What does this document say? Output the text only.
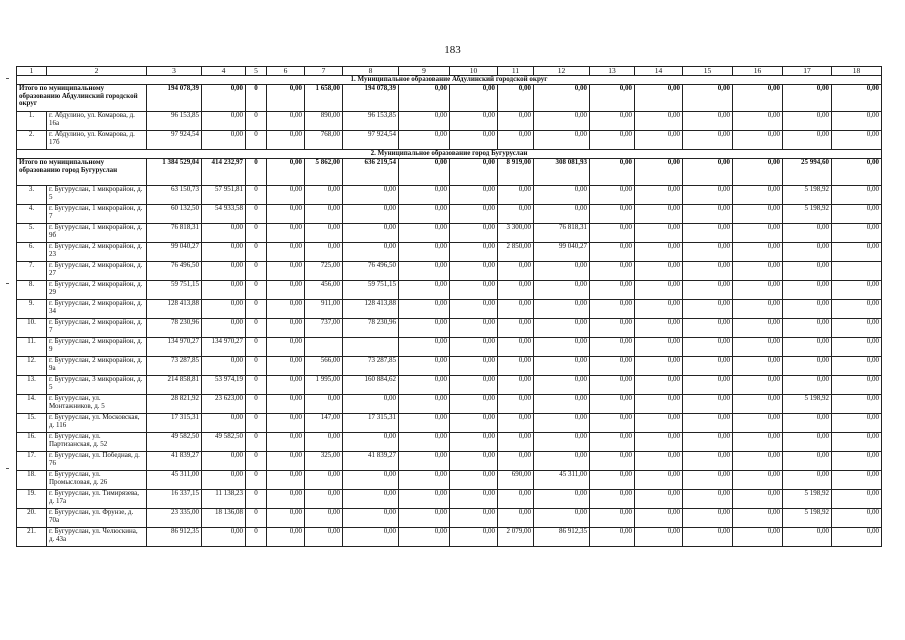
183
1	2	3	4	5	6	7	8	9	10	11	12	13	14	15	16	17	18
1. Муниципальное образование Абдулинский городской округ																	
Итого по муниципальному образованию Абдулинский городской округ		194 078,39	0,00	0	0,00	1 658,00	194 078,39	0,00	0,00	0,00	0,00	0,00	0,00	0,00	0,00	0,00	0,00
1.	г. Абдулино, ул. Комарова, д. 16а	96 153,85	0,00	0	0,00	890,00	96 153,85	0,00	0,00	0,00	0,00	0,00	0,00	0,00	0,00	0,00	0,00
2.	г. Абдулино, ул. Комарова, д. 17б	97 924,54	0,00	0	0,00	768,00	97 924,54	0,00	0,00	0,00	0,00	0,00	0,00	0,00	0,00	0,00	0,00
2. Муниципальное образование город Бугуруслан																	
Итого по муниципальному образованию город Бугуруслан		1 384 529,04	414 232,97	0	0,00	5 862,00	636 219,54	0,00	0,00	8 919,00	308 081,93	0,00	0,00	0,00	0,00	25 994,60	0,00
3.	г. Бугуруслан, 1 микрорайон, д. 5	63 150,73	57 951,81	0	0,00	0,00	0,00	0,00	0,00	0,00	0,00	0,00	0,00	0,00	0,00	5 198,92	0,00
4.	г. Бугуруслан, 1 микрорайон, д. 7	60 132,50	54 933,58	0	0,00	0,00	0,00	0,00	0,00	0,00	0,00	0,00	0,00	0,00	0,00	5 198,92	0,00
5.	г. Бугуруслан, 1 микрорайон, д. 9б	76 818,31	0,00	0	0,00	0,00	0,00	0,00	0,00	3 300,00	76 818,31	0,00	0,00	0,00	0,00	0,00	0,00
6.	г. Бугуруслан, 2 микрорайон, д. 23	99 040,27	0,00	0	0,00	0,00	0,00	0,00	0,00	2 850,00	99 040,27	0,00	0,00	0,00	0,00	0,00	0,00
7.	г. Бугуруслан, 2 микрорайон, д. 27	76 496,50	0,00	0	0,00	725,00	76 496,50	0,00	0,00	0,00	0,00	0,00	0,00	0,00	0,00	0,00	
8.	г. Бугуруслан, 2 микрорайон, д. 29	59 751,15	0,00	0	0,00	456,00	59 751,15	0,00	0,00	0,00	0,00	0,00	0,00	0,00	0,00	0,00	0,00
9.	г. Бугуруслан, 2 микрорайон, д. 34	128 413,88	0,00	0	0,00	911,00	128 413,88	0,00	0,00	0,00	0,00	0,00	0,00	0,00	0,00	0,00	0,00
10.	г. Бугуруслан, 2 микрорайон, д. 7	78 230,96	0,00	0	0,00	737,00	78 230,96	0,00	0,00	0,00	0,00	0,00	0,00	0,00	0,00	0,00	0,00
11.	г. Бугуруслан, 2 микрорайон, д. 9	134 970,27	134 970,27	0	0,00			0,00	0,00	0,00	0,00	0,00	0,00	0,00	0,00	0,00	0,00
12.	г. Бугуруслан, 2 микрорайон, д. 9а	73 287,85	0,00	0	0,00	566,00	73 287,85	0,00	0,00	0,00	0,00	0,00	0,00	0,00	0,00	0,00	0,00
13.	г. Бугуруслан, 3 микрорайон, д. 5	214 858,81	53 974,19	0	0,00	1 995,00	160 884,62	0,00	0,00	0,00	0,00	0,00	0,00	0,00	0,00	0,00	0,00
14.	г. Бугуруслан, ул. Монтажников, д. 5	28 821,92	23 623,00	0	0,00	0,00	0,00	0,00	0,00	0,00	0,00	0,00	0,00	0,00	0,00	5 198,92	0,00
15.	г. Бугуруслан, ул. Московская, д. 116	17 315,31	0,00	0	0,00	147,00	17 315,31	0,00	0,00	0,00	0,00	0,00	0,00	0,00	0,00	0,00	0,00
16.	г. Бугуруслан, ул. Партизанская, д. 52	49 582,50	49 582,50	0	0,00	0,00	0,00	0,00	0,00	0,00	0,00	0,00	0,00	0,00	0,00	0,00	0,00
17.	г. Бугуруслан, ул. Победная, д. 76	41 839,27	0,00	0	0,00	325,00	41 839,27	0,00	0,00	0,00	0,00	0,00	0,00	0,00	0,00	0,00	0,00
18.	г. Бугуруслан, ул. Промысловая, д. 26	45 311,00	0,00	0	0,00	0,00	0,00	0,00	0,00	690,00	45 311,00	0,00	0,00	0,00	0,00	0,00	0,00
19.	г. Бугуруслан, ул. Тимирязева, д. 17а	16 337,15	11 138,23	0	0,00	0,00	0,00	0,00	0,00	0,00	0,00	0,00	0,00	0,00	0,00	5 198,92	0,00
20.	г. Бугуруслан, ул. Фрунзе, д. 70а	23 335,00	18 136,08	0	0,00	0,00	0,00	0,00	0,00	0,00	0,00	0,00	0,00	0,00	0,00	5 198,92	0,00
21.	г. Бугуруслан, ул. Челюскина, д. 43а	86 912,35	0,00	0	0,00	0,00	0,00	0,00	0,00	2 079,00	86 912,35	0,00	0,00	0,00	0,00	0,00	0,00
